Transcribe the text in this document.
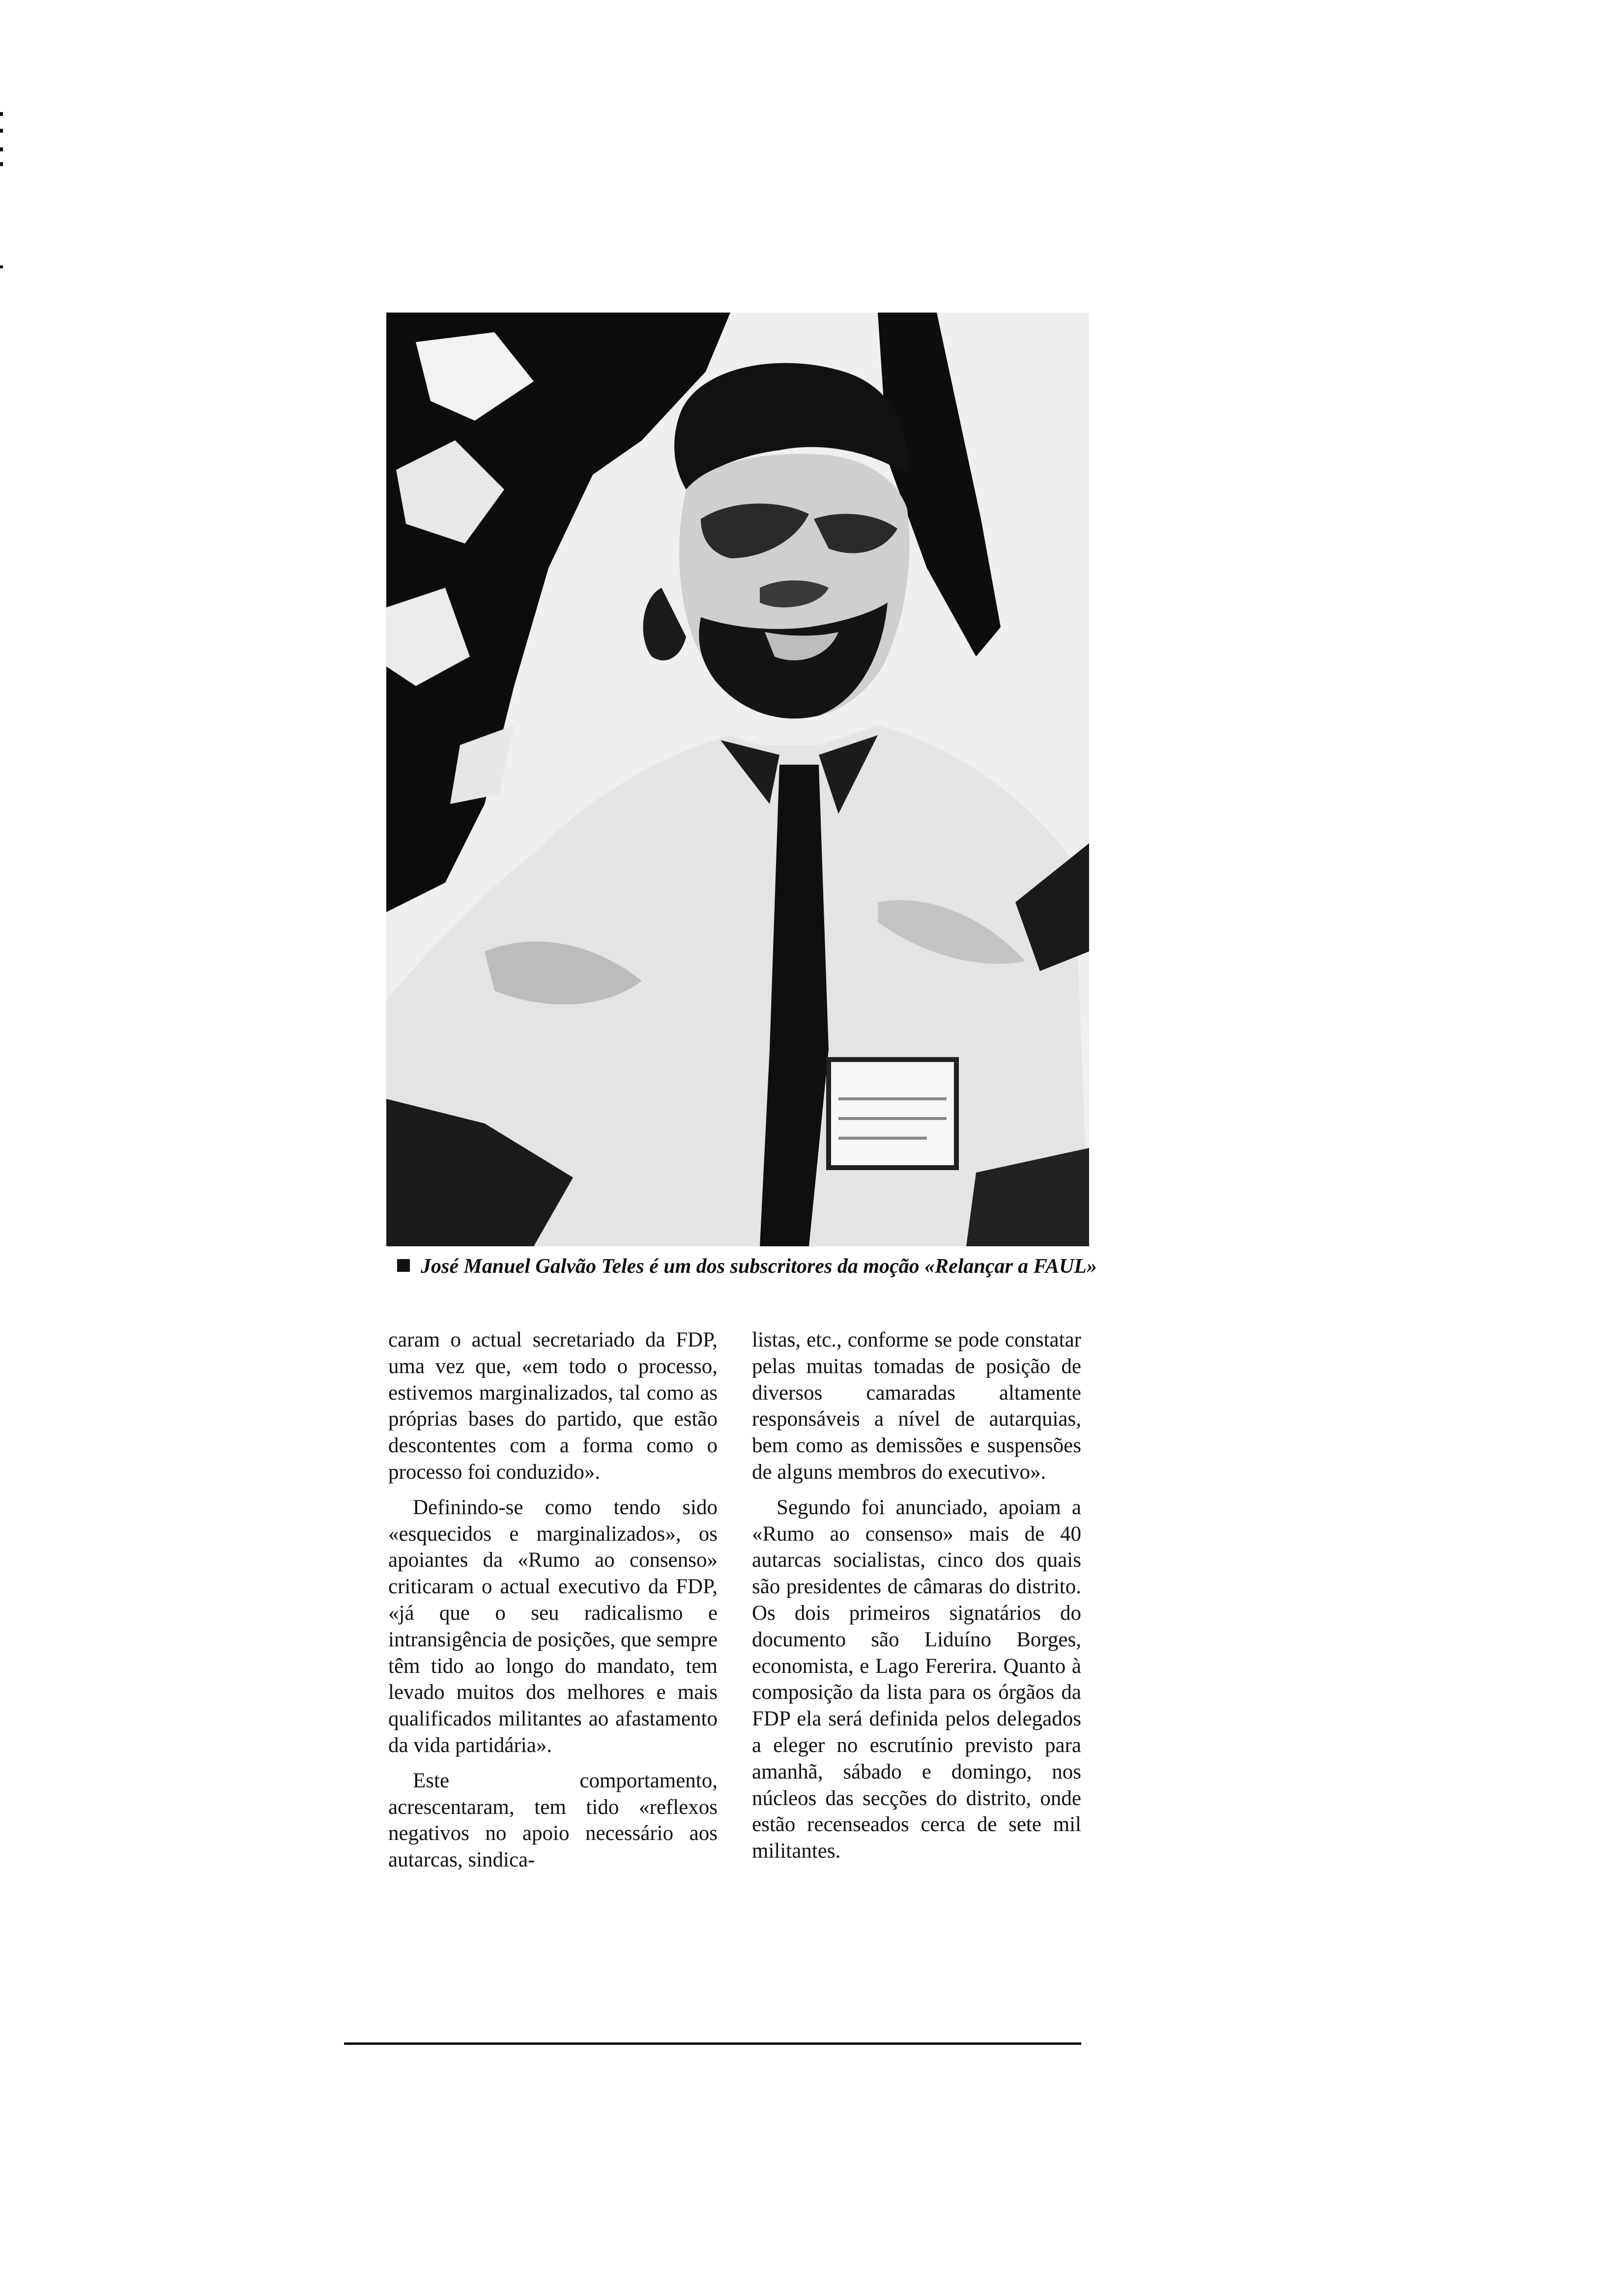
José Manuel Galvão Teles é um dos subscritores da moção «Relançar a FAUL»

caram o actual secretariado da FDP, uma vez que, «em todo o processo, estivemos marginalizados, tal como as próprias bases do partido, que estão descontentes com a forma como o processo foi conduzido».

Definindo-se como tendo sido «esquecidos e marginalizados», os apoiantes da «Rumo ao consenso» criticaram o actual executivo da FDP, «já que o seu radicalismo e intransigência de posições, que sempre têm tido ao longo do mandato, tem levado muitos dos melhores e mais qualificados militantes ao afastamento da vida partidária».

Este comportamento, acrescentaram, tem tido «reflexos negativos no apoio necessário aos autarcas, sindica-

listas, etc., conforme se pode constatar pelas muitas tomadas de posição de diversos camaradas altamente responsáveis a nível de autarquias, bem como as demissões e suspensões de alguns membros do executivo».

Segundo foi anunciado, apoiam a «Rumo ao consenso» mais de 40 autarcas socialistas, cinco dos quais são presidentes de câmaras do distrito. Os dois primeiros signatários do documento são Liduíno Borges, economista, e Lago Fererira. Quanto à composição da lista para os órgãos da FDP ela será definida pelos delegados a eleger no escrutínio previsto para amanhã, sábado e domingo, nos núcleos das secções do distrito, onde estão recenseados cerca de sete mil militantes.
